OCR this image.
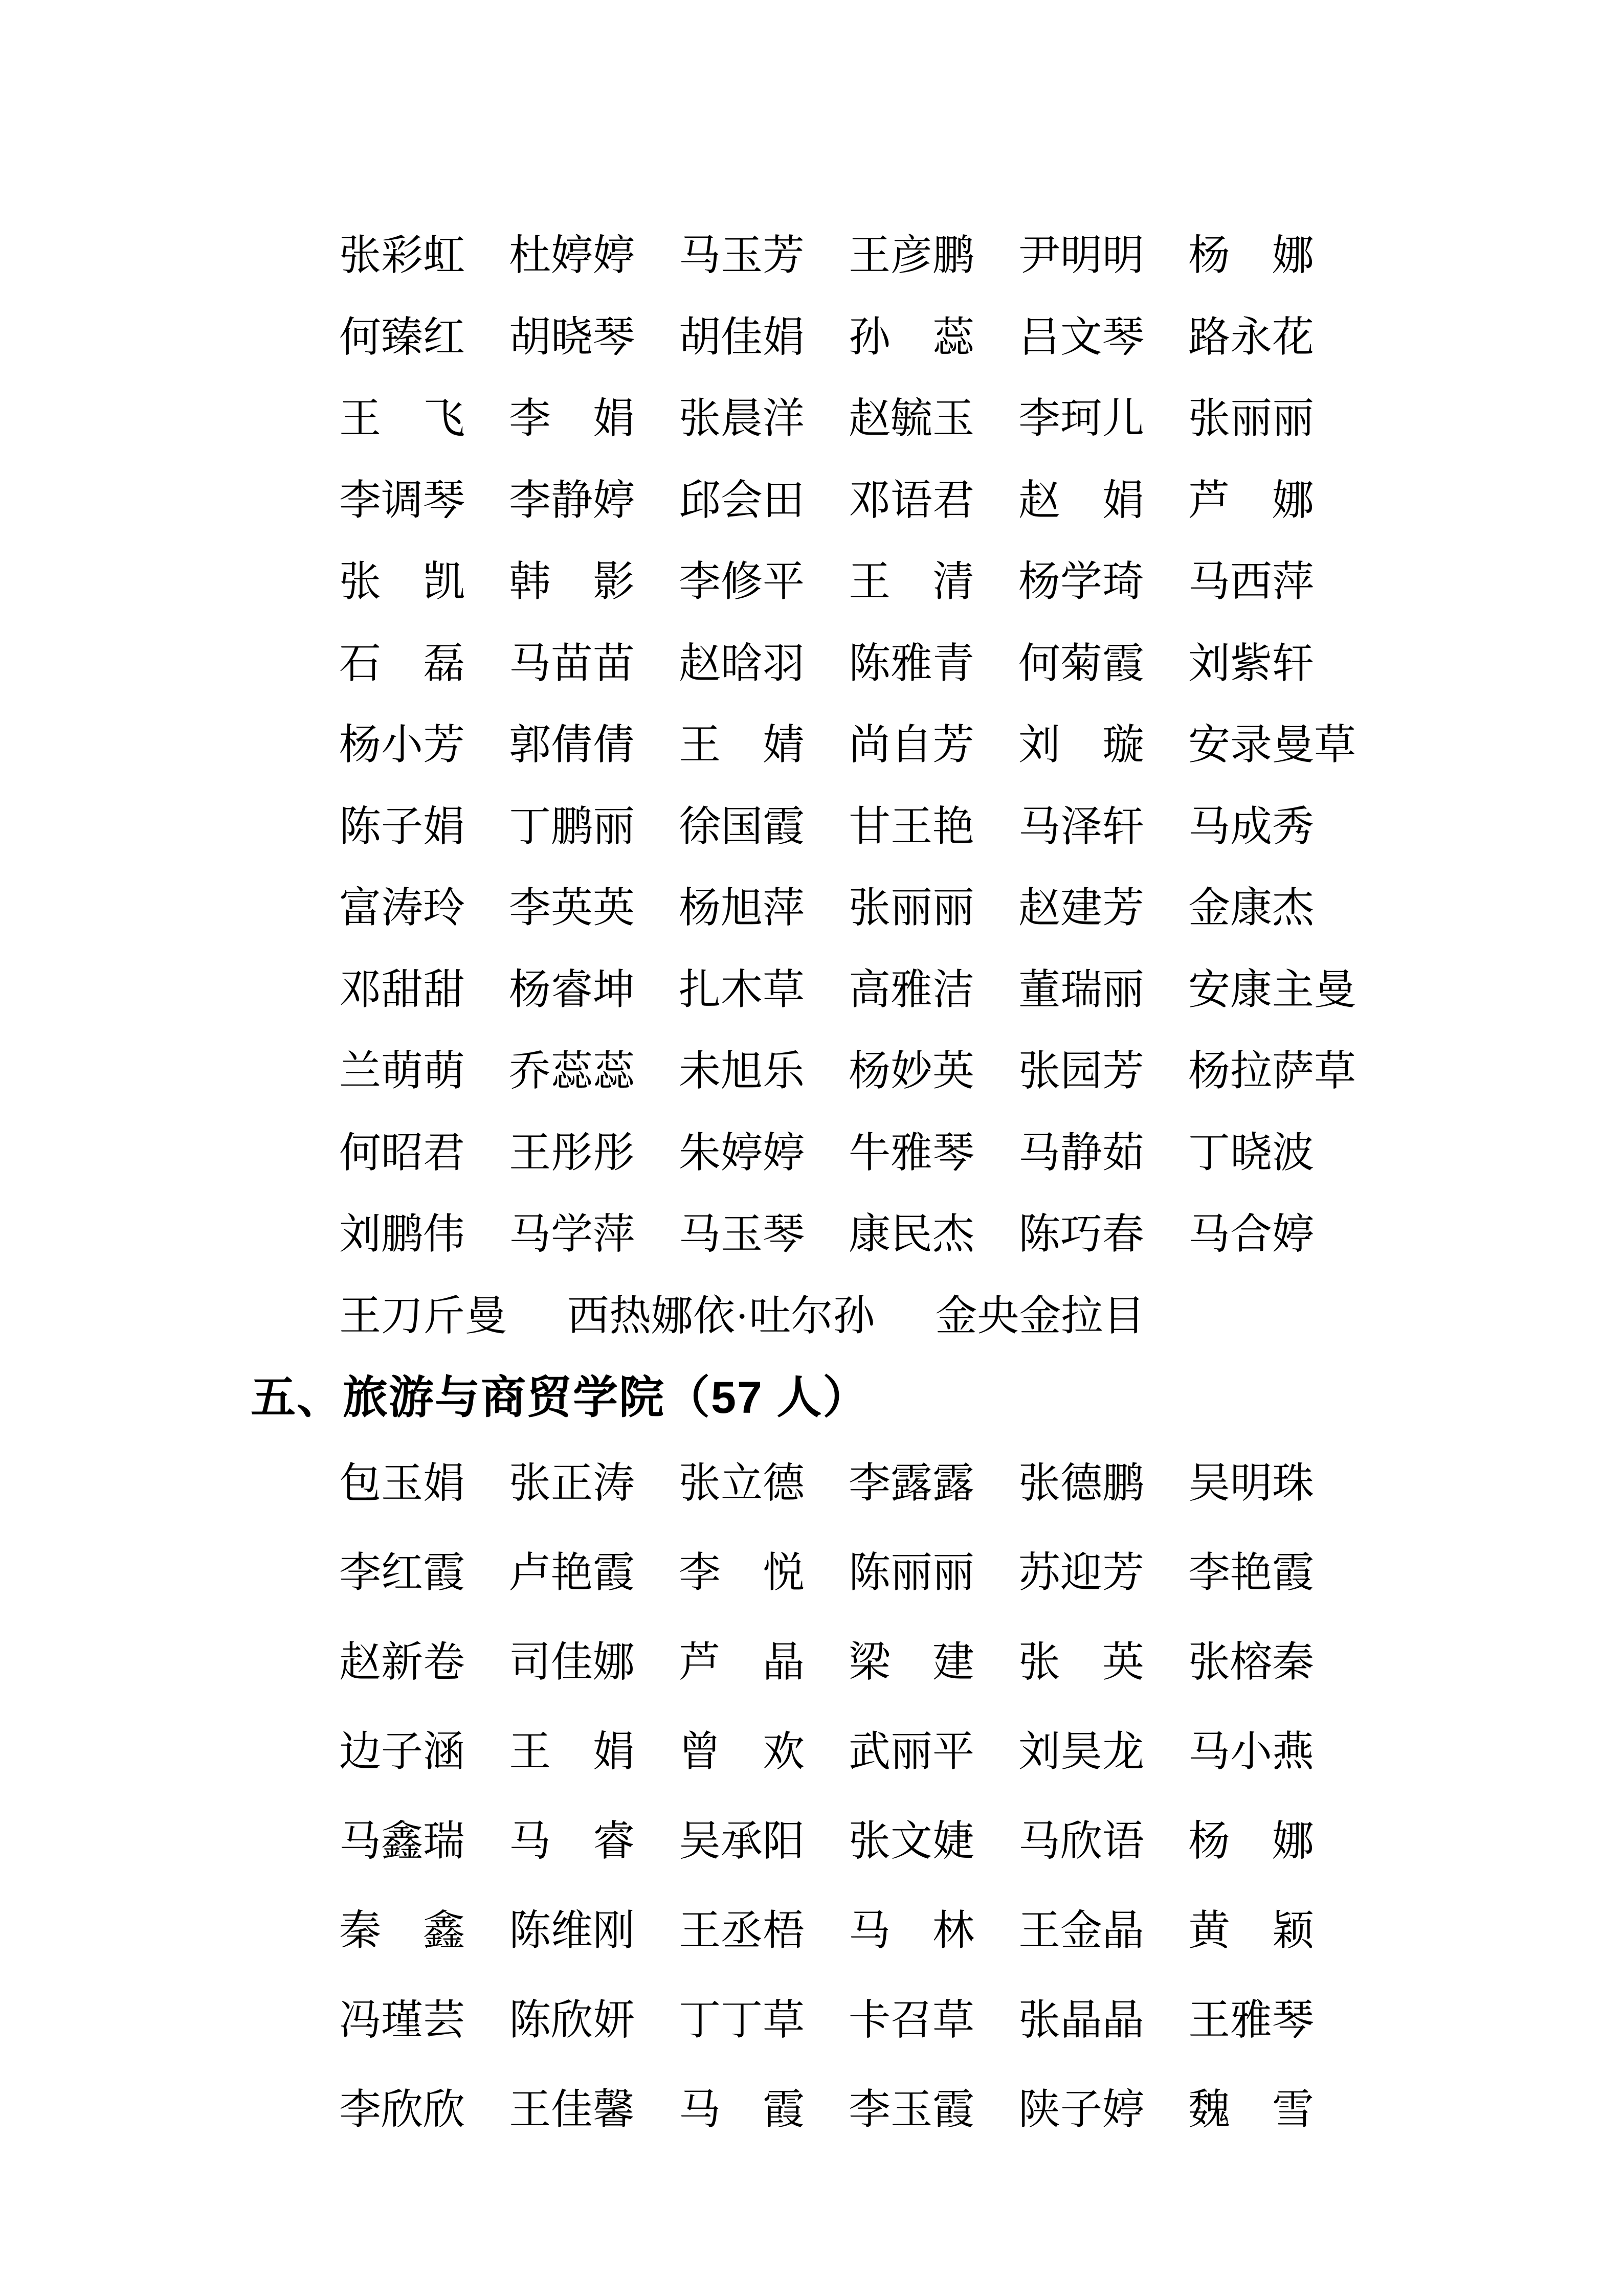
张彩虹	杜婷婷	马玉芳	王彦鹏	尹明明	杨　娜
何臻红	胡晓琴	胡佳娟	孙　蕊	吕文琴	路永花
王　飞	李　娟	张晨洋	赵毓玉	李珂儿	张丽丽
李调琴	李静婷	邱会田	邓语君	赵　娟	芦　娜
张　凯	韩　影	李修平	王　清	杨学琦	马西萍
石　磊	马苗苗	赵晗羽	陈雅青	何菊霞	刘紫轩
杨小芳	郭倩倩	王　婧	尚自芳	刘　璇	安录曼草
陈子娟	丁鹏丽	徐国霞	甘王艳	马泽轩	马成秀
富涛玲	李英英	杨旭萍	张丽丽	赵建芳	金康杰
邓甜甜	杨睿坤	扎木草	高雅洁	董瑞丽	安康主曼
兰萌萌	乔蕊蕊	未旭乐	杨妙英	张园芳	杨拉萨草
何昭君	王彤彤	朱婷婷	牛雅琴	马静茹	丁晓波
刘鹏伟	马学萍	马玉琴	康民杰	陈巧春	马合婷
王刀斤曼 西热娜依·吐尔孙 金央金拉目
五、旅游与商贸学院（57 人）
包玉娟	张正涛	张立德	李露露	张德鹏	吴明珠
李红霞	卢艳霞	李　悦	陈丽丽	苏迎芳	李艳霞
赵新卷	司佳娜	芦　晶	梁　建	张　英	张榕秦
边子涵	王　娟	曾　欢	武丽平	刘昊龙	马小燕
马鑫瑞	马　睿	吴承阳	张文婕	马欣语	杨　娜
秦　鑫	陈维刚	王丞梧	马　林	王金晶	黄　颖
冯瑾芸	陈欣妍	丁丁草	卡召草	张晶晶	王雅琴
李欣欣	王佳馨	马　霞	李玉霞	陕子婷	魏　雪
